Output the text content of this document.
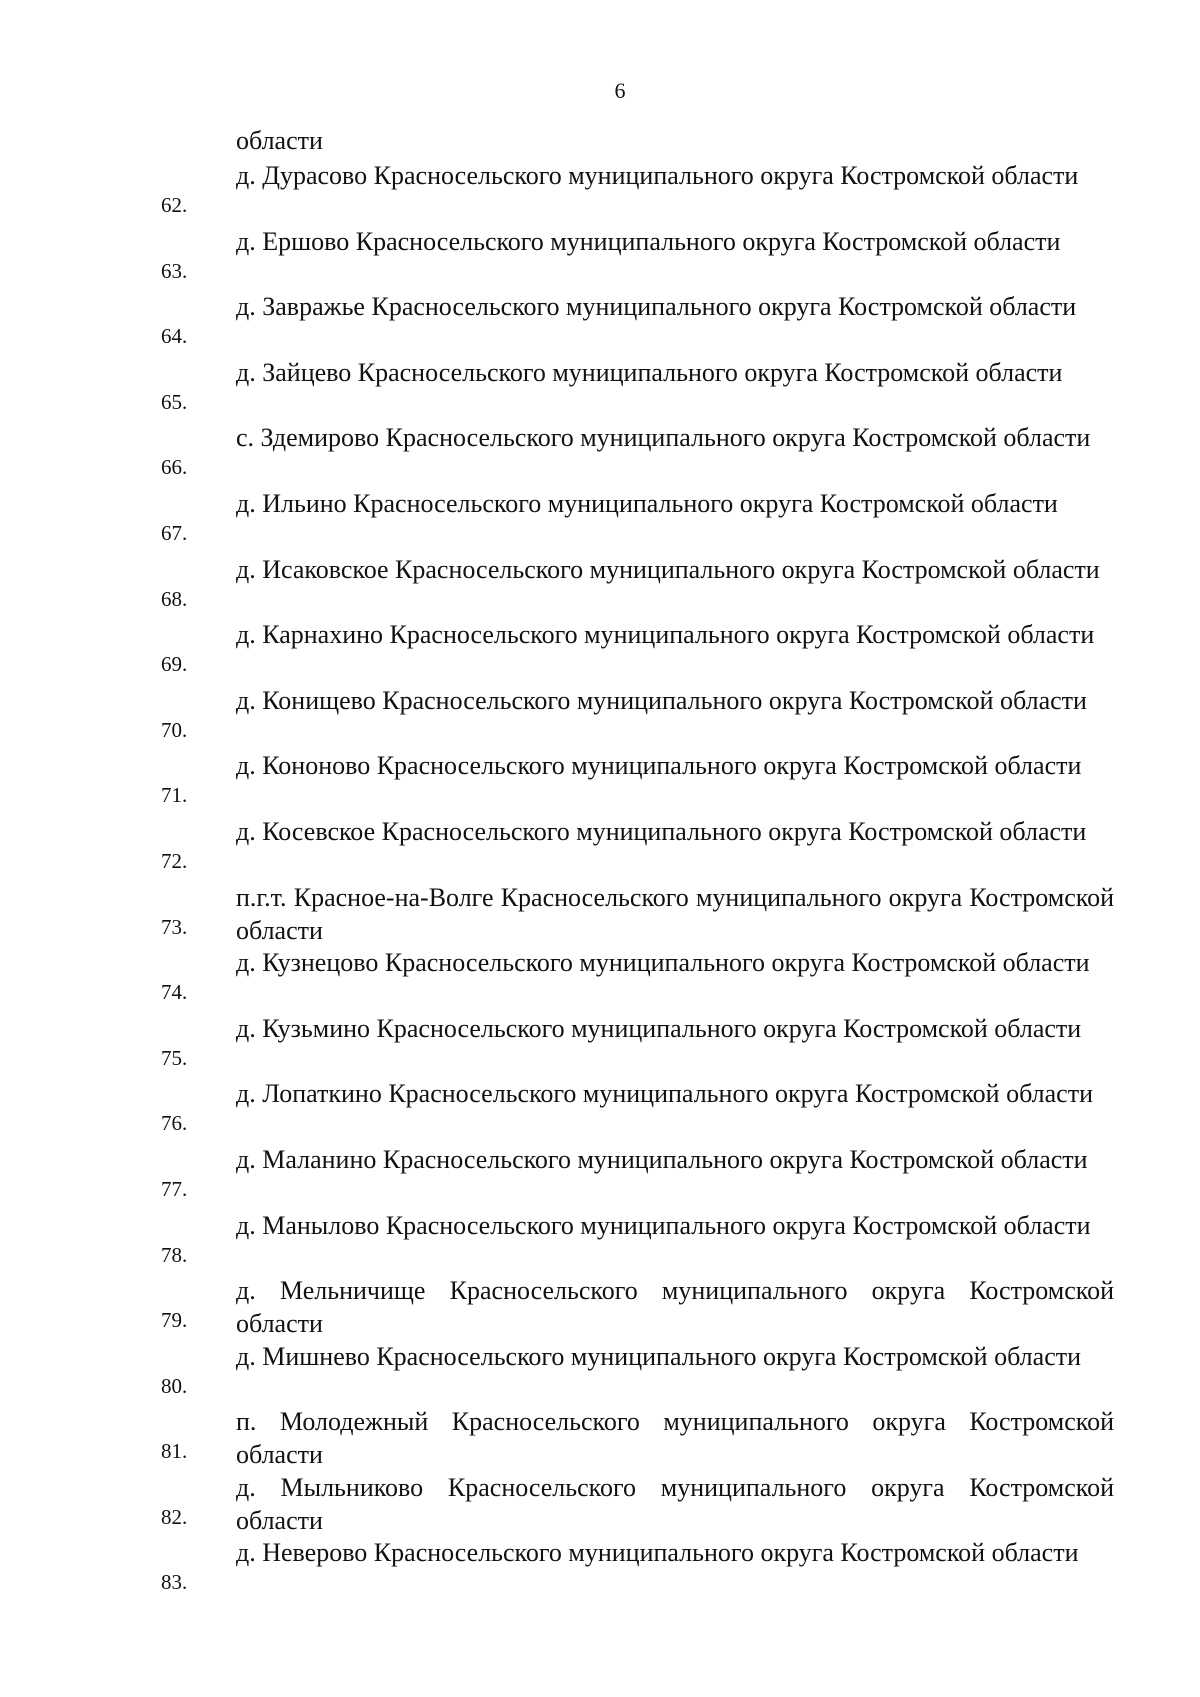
6
области
62.
д. Дурасово Красносельского муниципального округа Костромской области
63.
д. Ершово Красносельского муниципального округа Костромской области
64.
д. Завражье Красносельского муниципального округа Костромской области
65.
д. Зайцево Красносельского муниципального округа Костромской области
66.
с. Здемирово Красносельского муниципального округа Костромской области
67.
д. Ильино Красносельского муниципального округа Костромской области
68.
д. Исаковское Красносельского муниципального округа Костромской области
69.
д. Карнахино Красносельского муниципального округа Костромской области
70.
д. Конищево Красносельского муниципального округа Костромской области
71.
д. Кононово Красносельского муниципального округа Костромской области
72.
д. Косевское Красносельского муниципального округа Костромской области
73.
п.г.т. Красное-на-Волге Красносельского муниципального округа Костромской области
74.
д. Кузнецово Красносельского муниципального округа Костромской области
75.
д. Кузьмино Красносельского муниципального округа Костромской области
76.
д. Лопаткино Красносельского муниципального округа Костромской области
77.
д. Маланино Красносельского муниципального округа Костромской области
78.
д. Манылово Красносельского муниципального округа Костромской области
79.
д. Мельничище Красносельского муниципального округа Костромской области
80.
д. Мишнево Красносельского муниципального округа Костромской области
81.
п. Молодежный Красносельского муниципального округа Костромской области
82.
д. Мыльниково Красносельского муниципального округа Костромской области
83.
д. Неверово Красносельского муниципального округа Костромской области
